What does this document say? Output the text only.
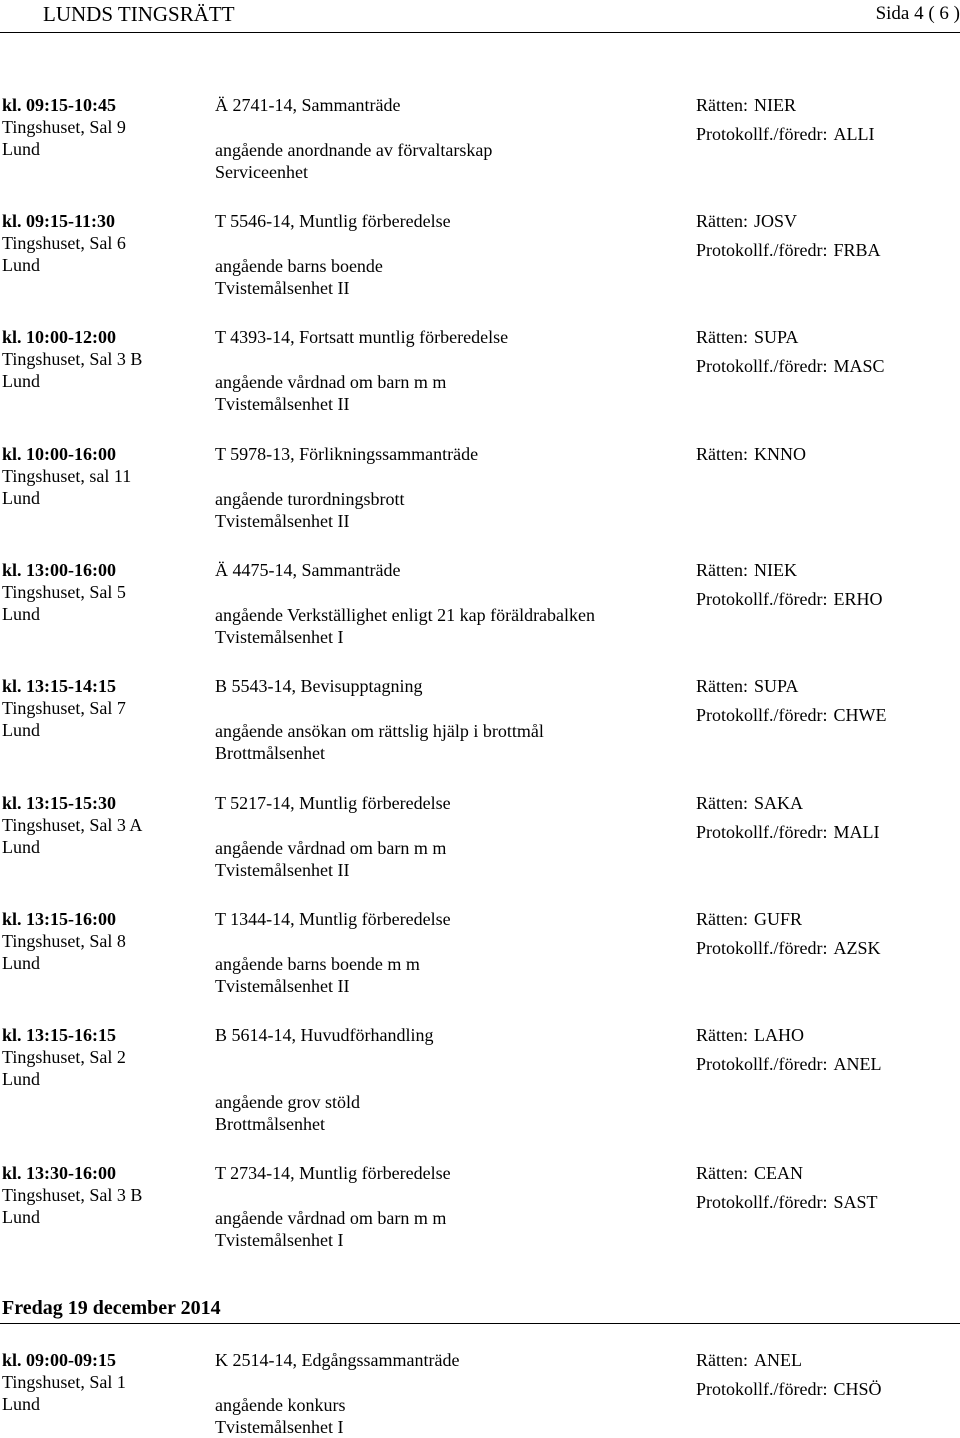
LUNDS TINGSRÄTT	Sida 4 ( 6 )
kl. 09:15-10:45
Tingshuset, Sal 9
Lund
Ä 2741-14, Sammanträde
angående anordnande av förvaltarskap
Serviceenhet
Rätten: NIER
Protokollf./föredr: ALLI
kl. 09:15-11:30
Tingshuset, Sal 6
Lund
T 5546-14, Muntlig förberedelse
angående barns boende
Tvistemålsenhet II
Rätten: JOSV
Protokollf./föredr: FRBA
kl. 10:00-12:00
Tingshuset, Sal 3 B
Lund
T 4393-14, Fortsatt muntlig förberedelse
angående vårdnad om barn m m
Tvistemålsenhet II
Rätten: SUPA
Protokollf./föredr: MASC
kl. 10:00-16:00
Tingshuset, sal 11
Lund
T 5978-13, Förlikningssammanträde
angående turordningsbrott
Tvistemålsenhet II
Rätten: KNNO
kl. 13:00-16:00
Tingshuset, Sal 5
Lund
Ä 4475-14, Sammanträde
angående Verkställighet enligt 21 kap föräldrabalken
Tvistemålsenhet I
Rätten: NIEK
Protokollf./föredr: ERHO
kl. 13:15-14:15
Tingshuset, Sal 7
Lund
B 5543-14, Bevisupptagning
angående ansökan om rättslig hjälp i brottmål
Brottmålsenhet
Rätten: SUPA
Protokollf./föredr: CHWE
kl. 13:15-15:30
Tingshuset, Sal 3 A
Lund
T 5217-14, Muntlig förberedelse
angående vårdnad om barn m m
Tvistemålsenhet II
Rätten: SAKA
Protokollf./föredr: MALI
kl. 13:15-16:00
Tingshuset, Sal 8
Lund
T 1344-14, Muntlig förberedelse
angående barns boende m m
Tvistemålsenhet II
Rätten: GUFR
Protokollf./föredr: AZSK
kl. 13:15-16:15
Tingshuset, Sal 2
Lund
B 5614-14, Huvudförhandling
angående grov stöld
Brottmålsenhet
Rätten: LAHO
Protokollf./föredr: ANEL
kl. 13:30-16:00
Tingshuset, Sal 3 B
Lund
T 2734-14, Muntlig förberedelse
angående vårdnad om barn m m
Tvistemålsenhet I
Rätten: CEAN
Protokollf./föredr: SAST
Fredag 19 december 2014
kl. 09:00-09:15
Tingshuset, Sal 1
Lund
K 2514-14, Edgångssammanträde
angående konkurs
Tvistemålsenhet I
Rätten: ANEL
Protokollf./föredr: CHSÖ
